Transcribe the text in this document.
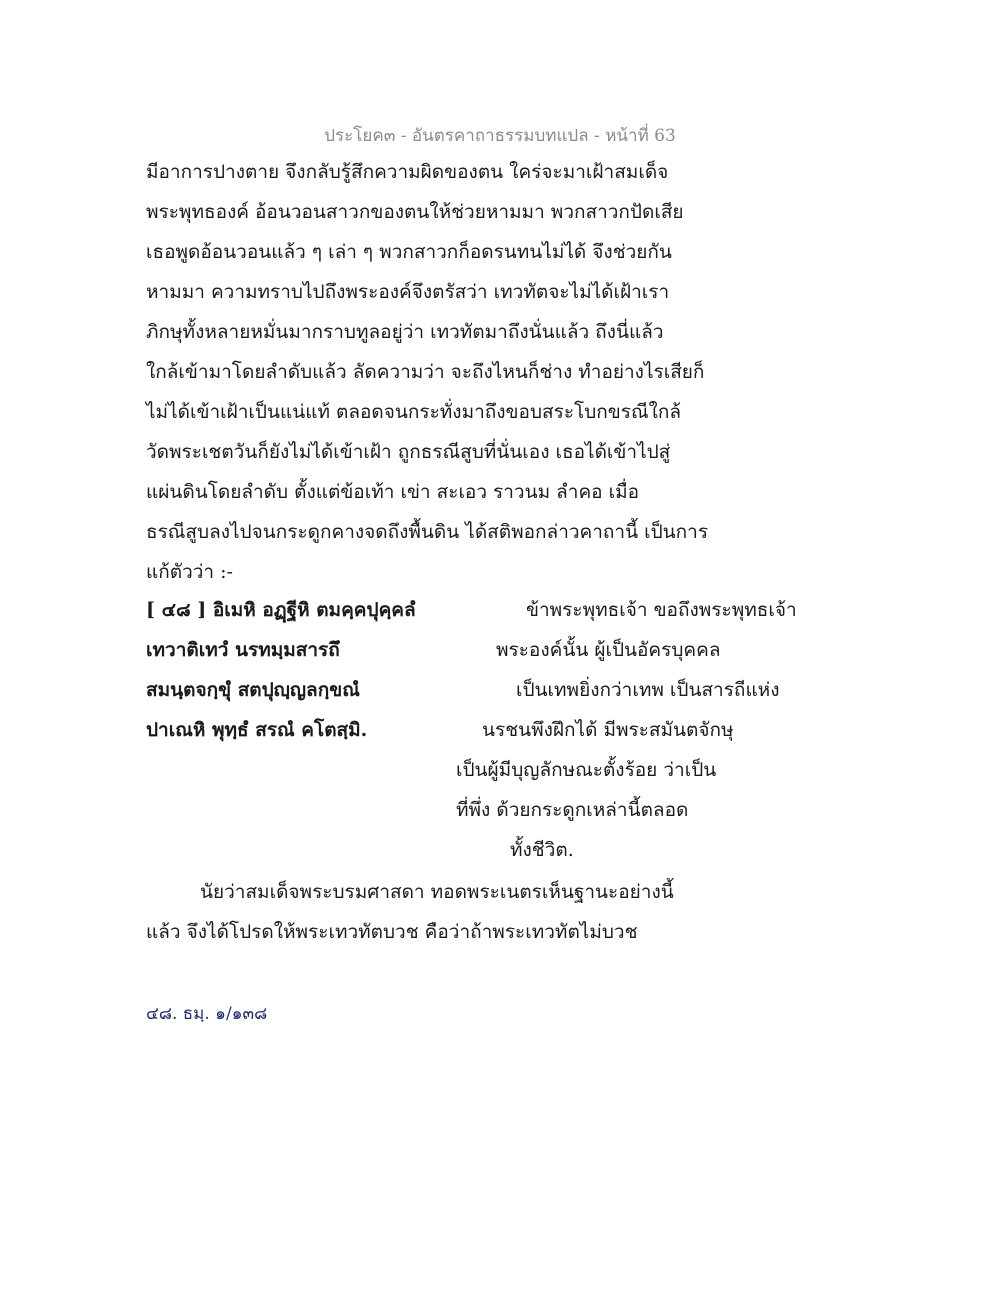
ประโยค๓ - อันตรคาถาธรรมบทแปล - หน้าที่ 63
มีอาการปางตาย จึงกลับรู้สึกความผิดของตน ใคร่จะมาเฝ้าสมเด็จ
พระพุทธองค์ อ้อนวอนสาวกของตนให้ช่วยหามมา พวกสาวกปัดเสีย
เธอพูดอ้อนวอนแล้ว ๆ เล่า ๆ พวกสาวกก็อดรนทนไม่ได้ จึงช่วยกัน
หามมา ความทราบไปถึงพระองค์จึงตรัสว่า เทวทัตจะไม่ได้เฝ้าเรา
ภิกษุทั้งหลายหมั่นมากราบทูลอยู่ว่า เทวทัตมาถึงนั่นแล้ว ถึงนี่แล้ว
ใกล้เข้ามาโดยลำดับแล้ว ลัดความว่า จะถึงไหนก็ช่าง ทำอย่างไรเสียก็
ไม่ได้เข้าเฝ้าเป็นแน่แท้ ตลอดจนกระทั่งมาถึงขอบสระโบกขรณีใกล้
วัดพระเชตวันก็ยังไม่ได้เข้าเฝ้า ถูกธรณีสูบที่นั่นเอง เธอได้เข้าไปสู่
แผ่นดินโดยลำดับ ตั้งแต่ข้อเท้า เข่า สะเอว ราวนม ลำคอ เมื่อ
ธรณีสูบลงไปจนกระดูกคางจดถึงพื้นดิน ได้สติพอกล่าวคาถานี้ เป็นการ
แก้ตัวว่า :-
[ ๔๘ ] อิเมหิ อฏฺฐีหิ ตมคฺคปุคฺคลํ	ข้าพระพุทธเจ้า ขอถึงพระพุทธเจ้า
เทวาติเทวํ นรทมฺมสารถึ	พระองค์นั้น ผู้เป็นอัครบุคคล
สมนฺตจกฺขุํ สตปุญฺญลกฺขณํ	เป็นเทพยิ่งกว่าเทพ เป็นสารถีแห่ง
ปาเณหิ พุทฺธํ สรณํ คโตสฺมิ.	นรชนพึงฝึกได้ มีพระสมันตจักษุ
เป็นผู้มีบุญลักษณะตั้งร้อย ว่าเป็น
ที่พึ่ง ด้วยกระดูกเหล่านี้ตลอด
ทั้งชีวิต.
นัยว่าสมเด็จพระบรมศาสดา ทอดพระเนตรเห็นฐานะอย่างนี้
แล้ว จึงได้โปรดให้พระเทวทัตบวช คือว่าถ้าพระเทวทัตไม่บวช
๔๘. ธมฺ. ๑/๑๓๘
